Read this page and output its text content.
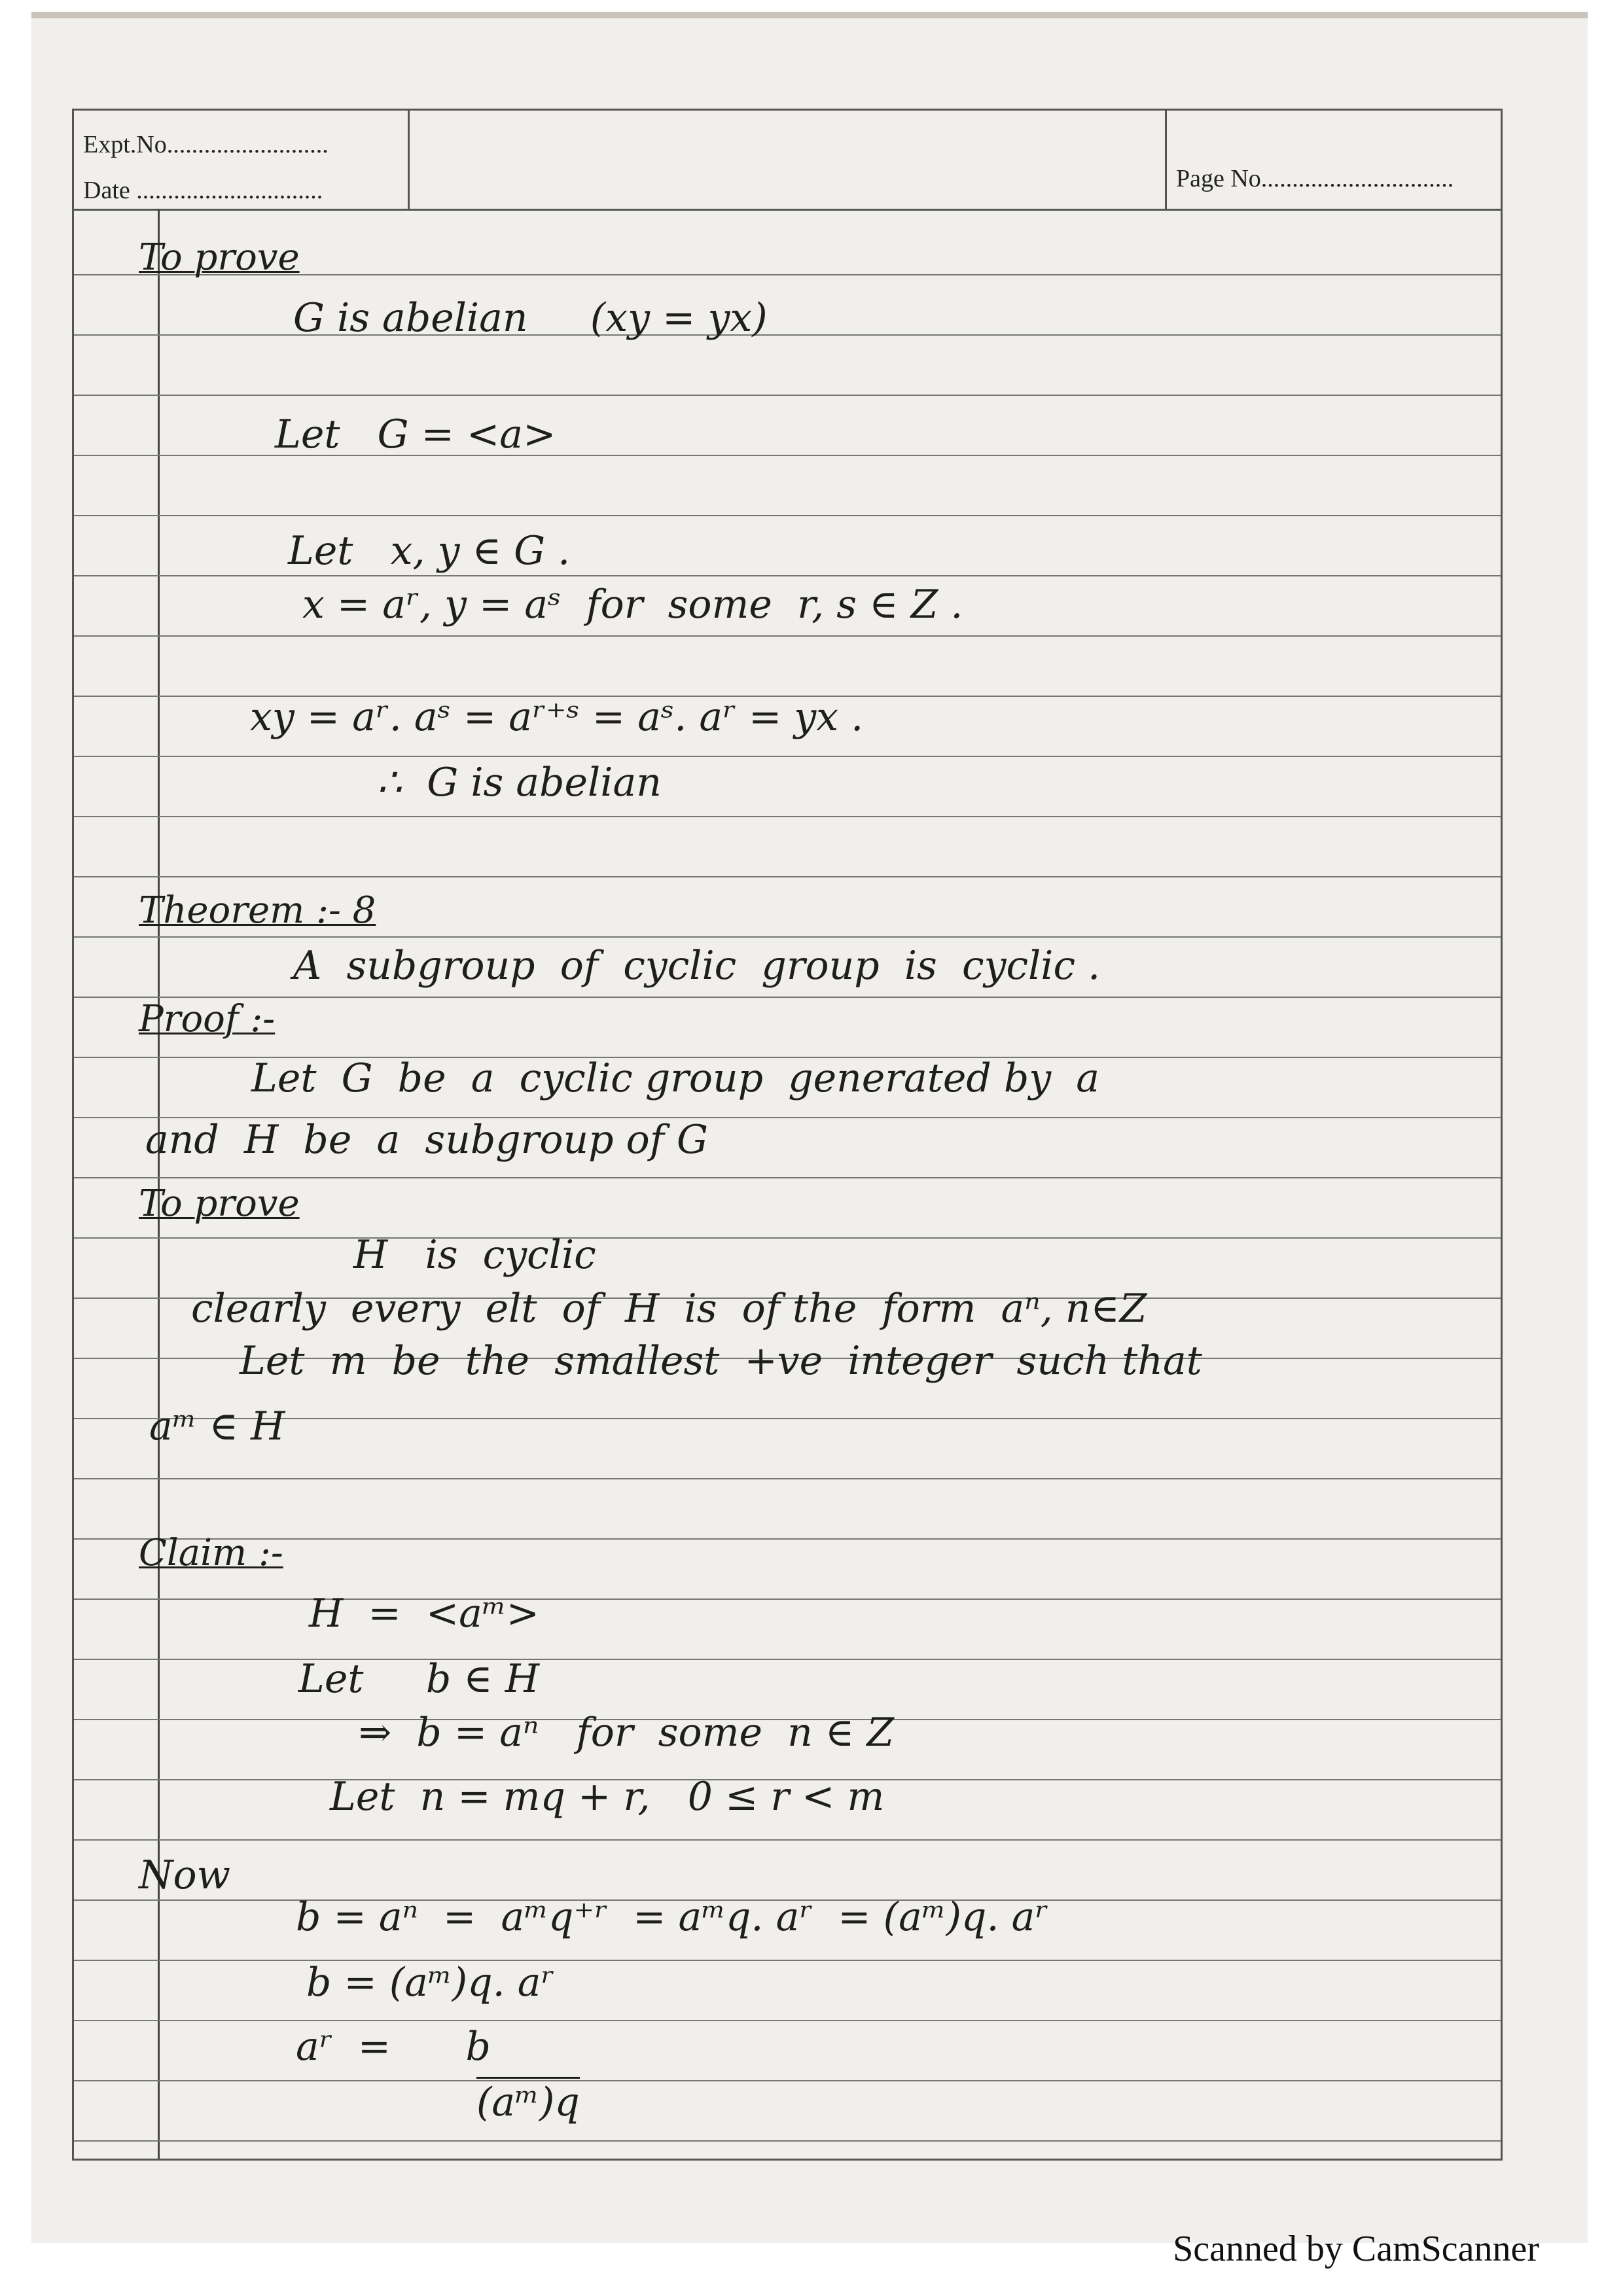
Expt.No..........................
Date ..............................	Page No...............................
To prove
G is abelian     (xy = yx)
Let   G = <a>
Let   x, y ∈ G .
x = aʳ, y = aˢ  for  some  r, s ∈ Z .
xy = aʳ. aˢ = aʳ⁺ˢ = aˢ. aʳ = yx .
∴  G is abelian
Theorem :- 8
A  subgroup  of  cyclic  group  is  cyclic .
Proof :-
Let  G  be  a  cyclic group  generated by  a
and  H  be  a  subgroup of G
To prove
H   is  cyclic
clearly  every  elt  of  H  is  of the  form  aⁿ, n∈Z
Let  m  be  the  smallest  +ve  integer  such that
aᵐ ∈ H
Claim :-
H  =  <aᵐ>
Let     b ∈ H
⇒  b = aⁿ   for  some  n ∈ Z
Let  n = mq + r,   0 ≤ r < m
Now
b = aⁿ  =  aᵐq⁺ʳ  = aᵐq. aʳ  = (aᵐ)q. aʳ
b = (aᵐ)q. aʳ
aʳ  =      b
(aᵐ)q
Scanned by CamScanner
